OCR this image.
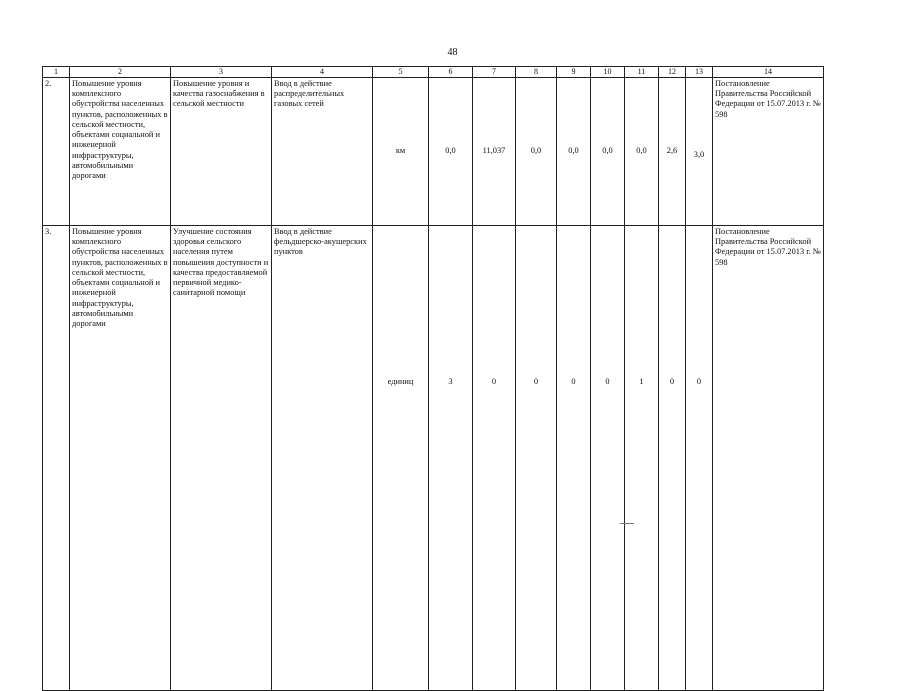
48
1	2	3	4	5	6	7	8	9	10	11	12	13	14
2.	Повышение уровня комплексного обустройства населенных пунктов, расположенных в сельской местности, объектами социальной и инженерной инфраструктуры, автомобильными дорогами	Повышение уровня и качества газоснабжения в сельской местности	Ввод в действие распределительных газовых сетей	км	0,0	11,037	0,0	0,0	0,0	0,0	2,6	3,0	Постановление Правительства Российской Федерации от 15.07.2013 г. № 598
3.	Повышение уровня комплексного обустройства населенных пунктов, расположенных в сельской местности, объектами социальной и инженерной инфраструктуры, автомобильными дорогами	Улучшение состояния здоровья сельского населения путем повышения доступности и качества предоставляемой первичной медико-санитарной помощи	Ввод в действие фельдшерско-акушерских пунктов	единиц	3	0	0	0	0	1	0	0	Постановление Правительства Российской Федерации от 15.07.2013 г. № 598
